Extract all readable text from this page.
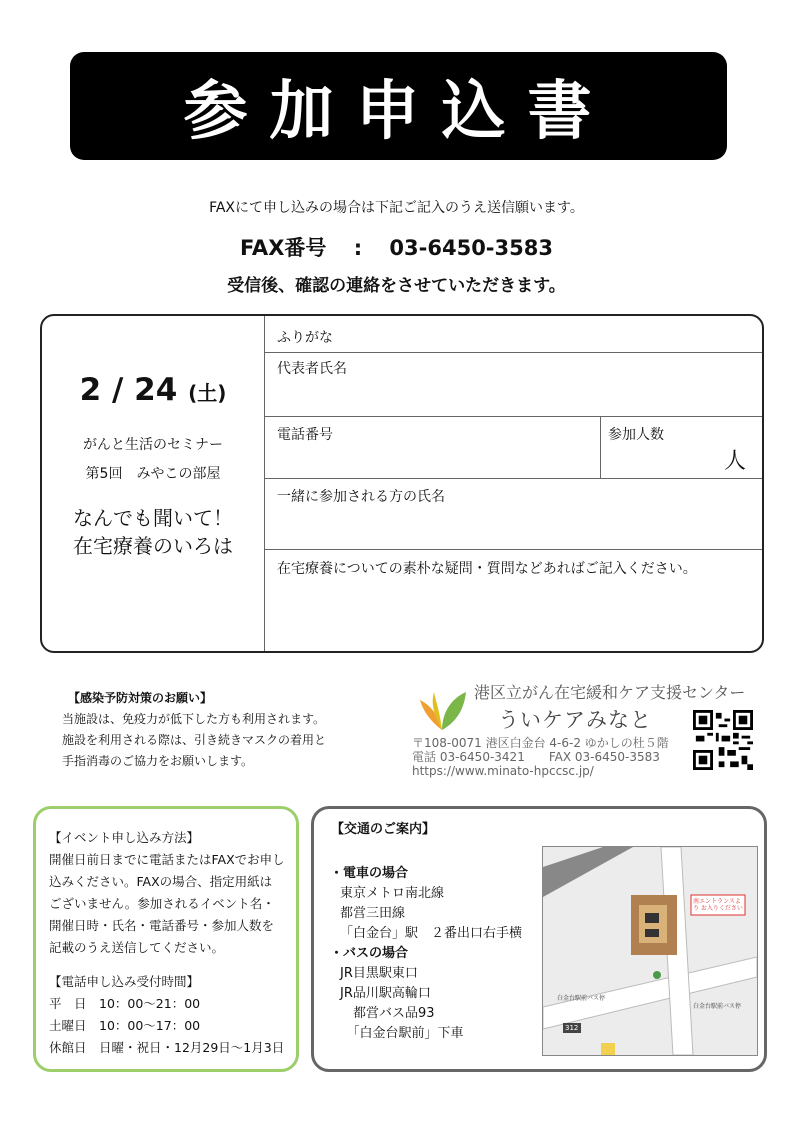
参加申込書
FAXにて申し込みの場合は下記ご記入のうえ送信願います。
FAX番号 : 03-6450-3583
受信後、確認の連絡をさせていただきます。
2 / 24 (土)
がんと生活のセミナー
第5回　みやこの部屋
なんでも聞いて！
在宅療養のいろは
ふりがな
代表者氏名
電話番号	参加人数
人
一緒に参加される方の氏名
在宅療養についての素朴な疑問・質問などあればご記入ください。
【感染予防対策のお願い】
当施設は、免疫力が低下した方も利用されます。
施設を利用される際は、引き続きマスクの着用と
手指消毒のご協力をお願いします。
港区立がん在宅緩和ケア支援センター
ういケアみなと
〒108-0071 港区白金台 4-6-2 ゆかしの杜５階
電話 03-6450-3421　　FAX 03-6450-3583
https://www.minato-hpccsc.jp/
【イベント申し込み方法】
開催日前日までに電話またはFAXでお申し
込みください。FAXの場合、指定用紙は
ございません。参加されるイベント名・
開催日時・氏名・電話番号・参加人数を
記載のうえ送信してください。
【電話申し込み受付時間】
平　日 10：00～21：00
土曜日 10：00～17：00
休館日 日曜・祝日・12月29日～1月3日
【交通のご案内】
・電車の場合
東京メトロ南北線
都営三田線
「白金台」駅　２番出口右手横
・バスの場合
JR目黒駅東口
JR品川駅高輪口
　都営バス品93
　「白金台駅前」下車
南エントランスより お入りください
白金台駅前バス停
白金台駅前バス停
312
